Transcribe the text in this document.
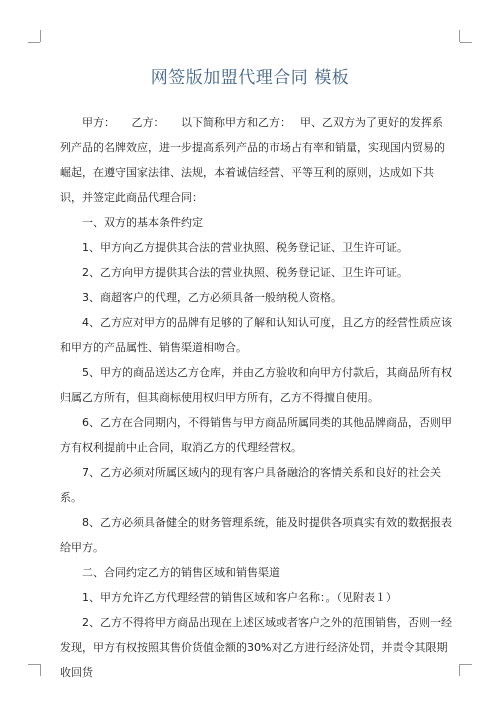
网签版加盟代理合同 模板

甲方：　　乙方：　　以下简称甲方和乙方：　 甲、乙双方为了更好的发挥系列产品的名牌效应，进一步提高系列产品的市场占有率和销量，实现国内贸易的崛起，在遵守国家法律、法规，本着诚信经营、平等互利的原则，达成如下共识，并签定此商品代理合同：

一、双方的基本条件约定

1、甲方向乙方提供其合法的营业执照、税务登记证、卫生许可证。

2、乙方向甲方提供其合法的营业执照、税务登记证、卫生许可证。

3、商超客户的代理，乙方必须具备一般纳税人资格。

4、乙方应对甲方的品牌有足够的了解和认知认可度，且乙方的经营性质应该和甲方的产品属性、销售渠道相吻合。

5、甲方的商品送达乙方仓库，并由乙方验收和向甲方付款后，其商品所有权归属乙方所有，但其商标使用权归甲方所有，乙方不得擅自使用。

6、乙方在合同期内，不得销售与甲方商品所属同类的其他品牌商品，否则甲方有权利提前中止合同，取消乙方的代理经营权。

7、乙方必须对所属区域内的现有客户具备融洽的客情关系和良好的社会关系。

8、乙方必须具备健全的财务管理系统，能及时提供各项真实有效的数据报表给甲方。

二、合同约定乙方的销售区域和销售渠道

1、甲方允许乙方代理经营的销售区域和客户名称：。（见附表１）

2、乙方不得将甲方商品出现在上述区域或者客户之外的范围销售，否则一经发现，甲方有权按照其售价货值金额的30%对乙方进行经济处罚，并责令其限期收回货
